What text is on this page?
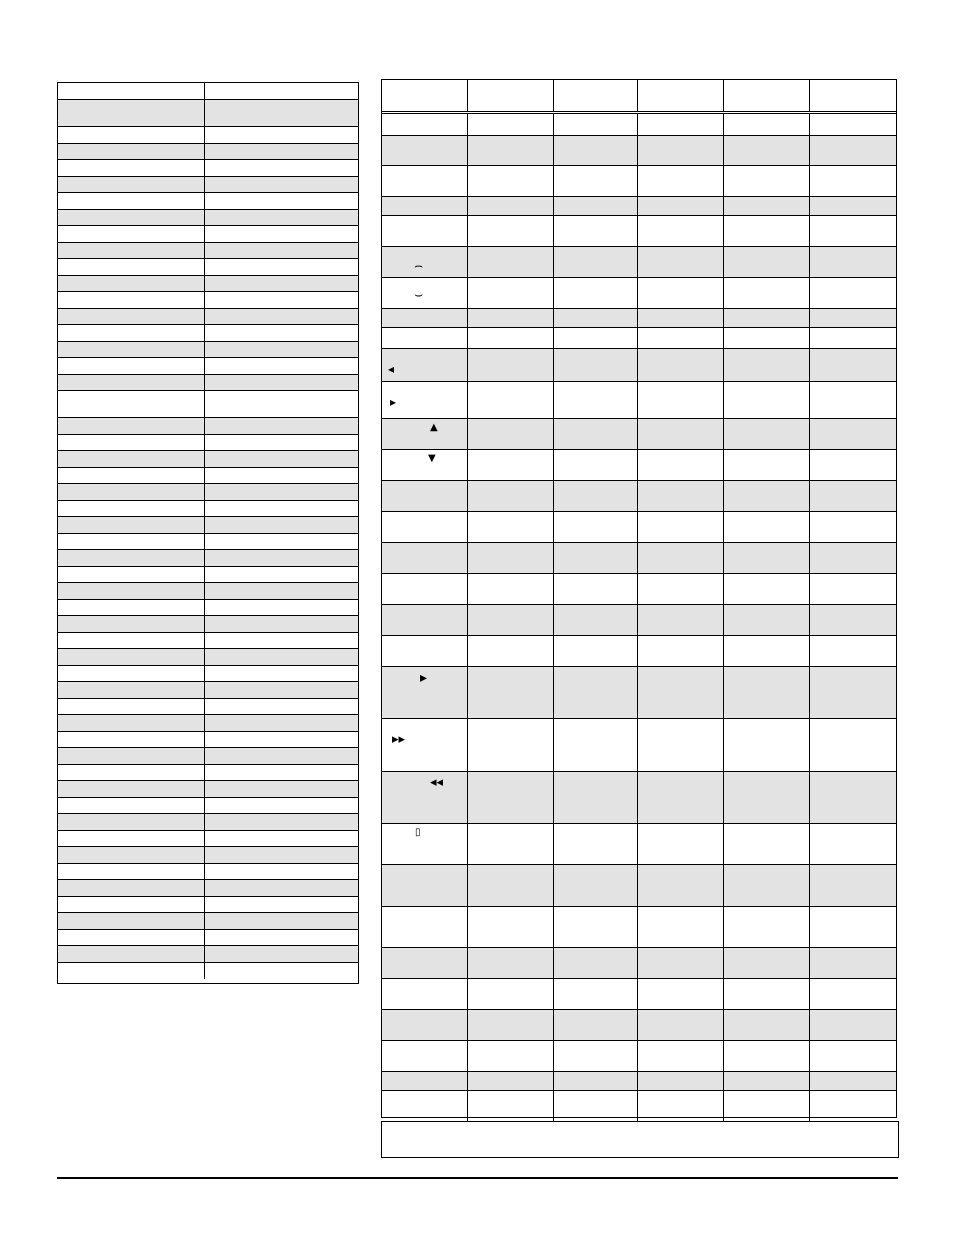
⌢
⌣
◂
▸
▲
▼
▸
▸▸
◂◂
▯
